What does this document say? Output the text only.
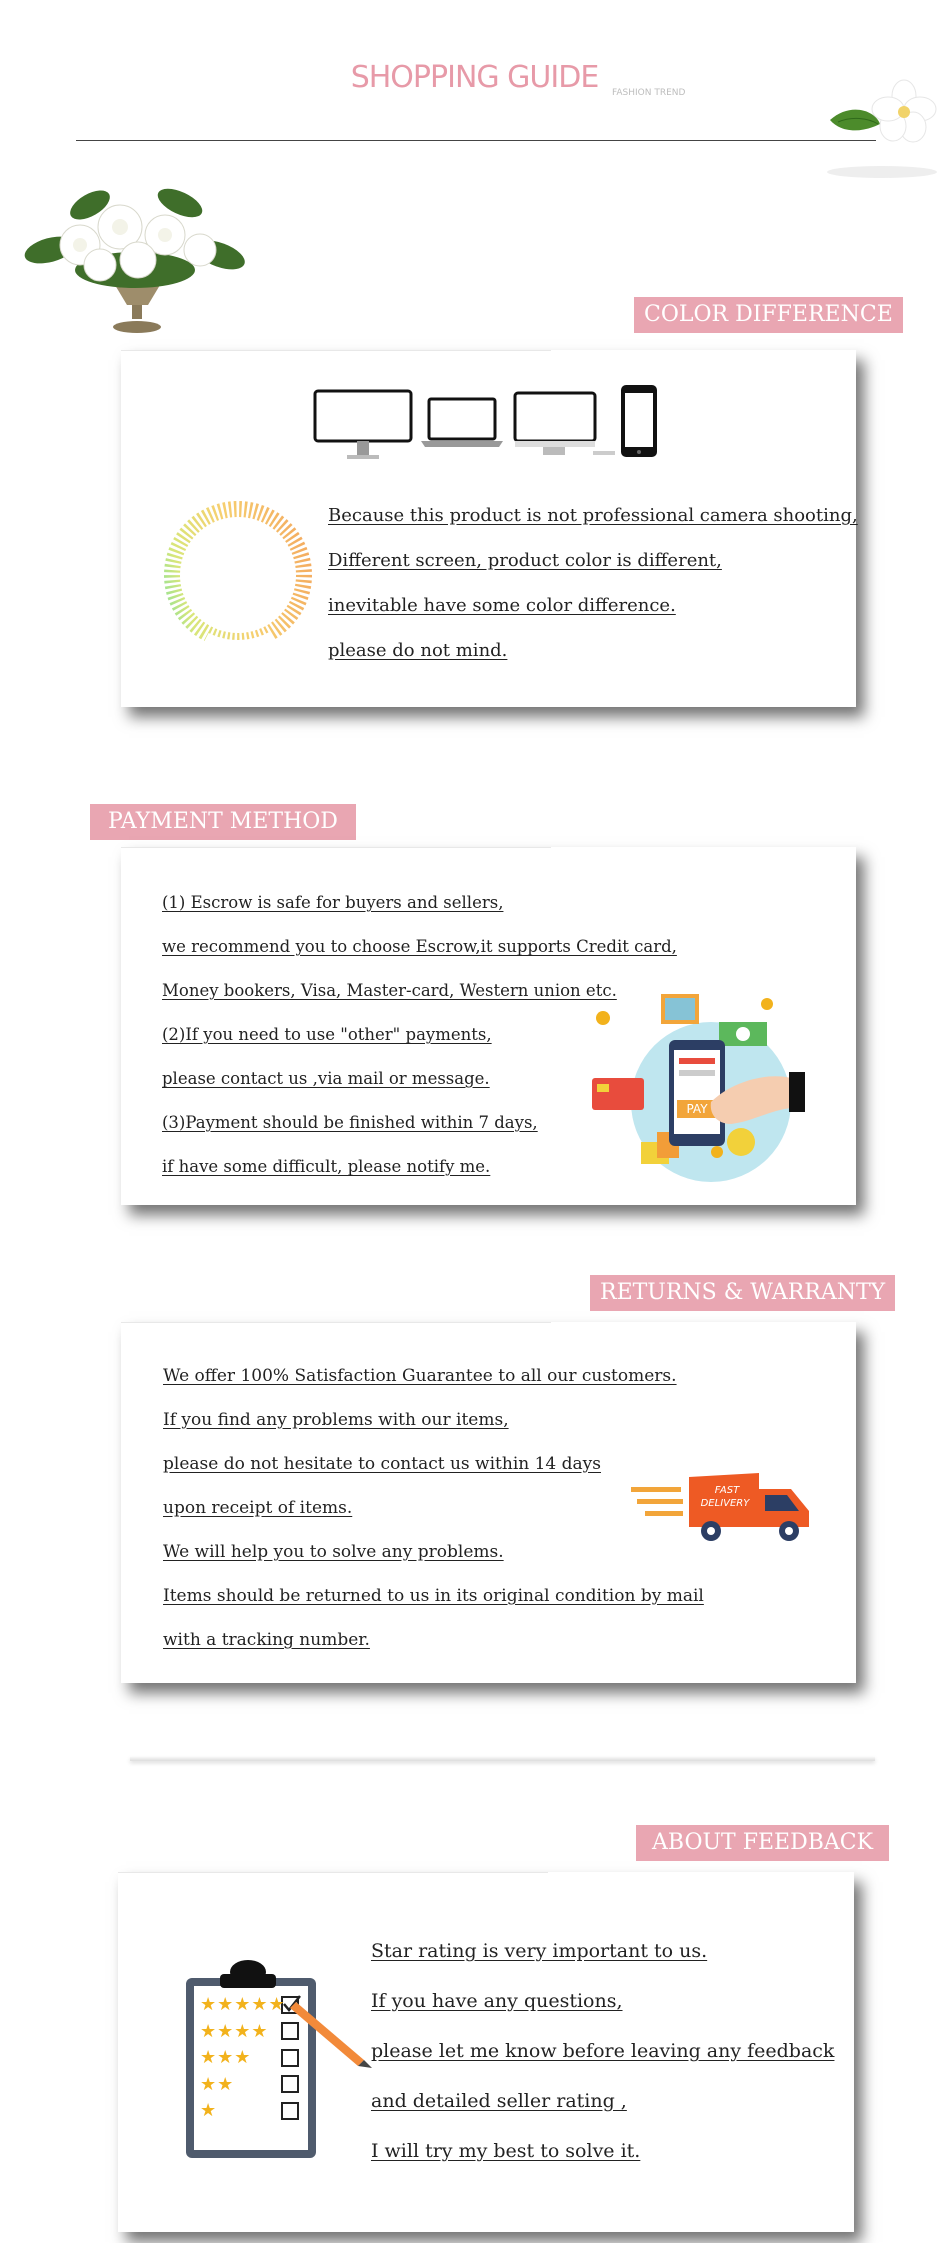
SHOPPING GUIDE	FASHION TREND
COLOR DIFFERENCE
Because this product is not professional camera shooting,
Different screen, product color is different,
inevitable have some color difference.
please do not mind.
PAYMENT METHOD
(1) Escrow is safe for buyers and sellers,
we recommend you to choose Escrow,it supports Credit card,
Money bookers, Visa, Master-card, Western union etc.
(2)If you need to use "other" payments,
please contact us ,via mail or message.
(3)Payment should be finished within 7 days,
if have some difficult, please notify me.
PAY
RETURNS & WARRANTY
We offer 100% Satisfaction Guarantee to all our customers.
If you find any problems with our items,
please do not hesitate to contact us within 14 days
upon receipt of items.
We will help you to solve any problems.
Items should be returned to us in its original condition by mail
with a tracking number.
FAST
DELIVERY
ABOUT FEEDBACK
★★★★★
★★★★
★★★
★★
★
Star rating is very important to us.
If you have any questions,
please let me know before leaving any feedback
and detailed seller rating ,
I will try my best to solve it.
